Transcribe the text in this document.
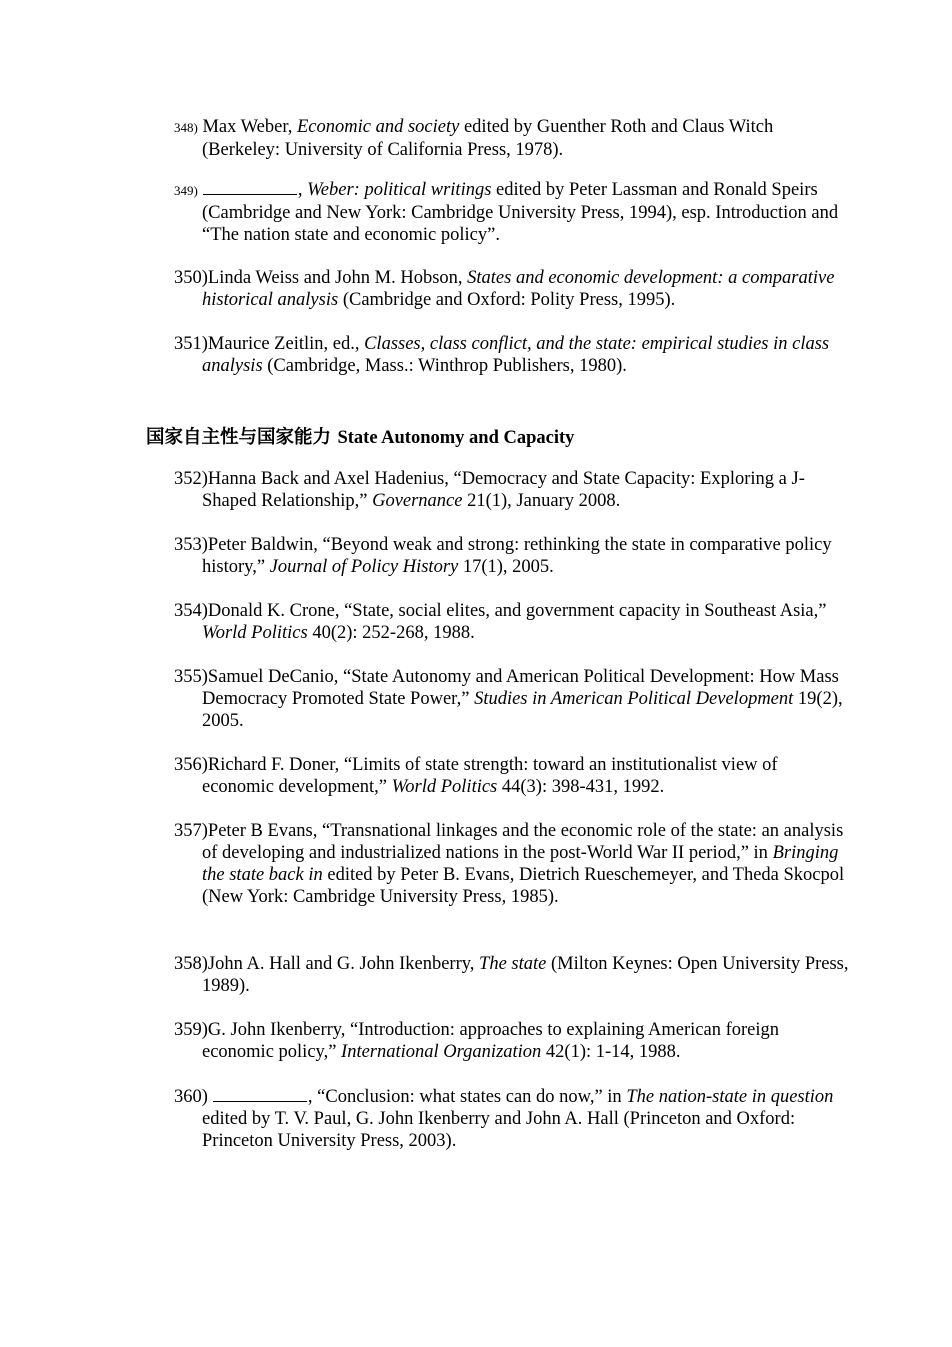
348) Max Weber, Economic and society edited by Guenther Roth and Claus Witch (Berkeley: University of California Press, 1978).
349)	, Weber: political writings edited by Peter Lassman and Ronald Speirs (Cambridge and New York: Cambridge University Press, 1994), esp. Introduction and “The nation state and economic policy”.
350)Linda Weiss and John M. Hobson, States and economic development: a comparative historical analysis (Cambridge and Oxford: Polity Press, 1995).
351)Maurice Zeitlin, ed., Classes, class conflict, and the state: empirical studies in class analysis (Cambridge, Mass.: Winthrop Publishers, 1980).
国家自主性与国家能力 State Autonomy and Capacity
352)Hanna Back and Axel Hadenius, “Democracy and State Capacity: Exploring a J-Shaped Relationship,” Governance 21(1), January 2008.
353)Peter Baldwin, “Beyond weak and strong: rethinking the state in comparative policy history,” Journal of Policy History 17(1), 2005.
354)Donald K. Crone, “State, social elites, and government capacity in Southeast Asia,” World Politics 40(2): 252-268, 1988.
355)Samuel DeCanio, “State Autonomy and American Political Development: How Mass Democracy Promoted State Power,” Studies in American Political Development 19(2), 2005.
356)Richard F. Doner, “Limits of state strength: toward an institutionalist view of economic development,” World Politics 44(3): 398-431, 1992.
357)Peter B Evans, “Transnational linkages and the economic role of the state: an analysis of developing and industrialized nations in the post-World War II period,” in Bringing the state back in edited by Peter B. Evans, Dietrich Rueschemeyer, and Theda Skocpol (New York: Cambridge University Press, 1985).
358)John A. Hall and G. John Ikenberry, The state (Milton Keynes: Open University Press, 1989).
359)G. John Ikenberry, “Introduction: approaches to explaining American foreign economic policy,” International Organization 42(1): 1-14, 1988.
360)	, “Conclusion: what states can do now,” in The nation-state in question edited by T. V. Paul, G. John Ikenberry and John A. Hall (Princeton and Oxford: Princeton University Press, 2003).
